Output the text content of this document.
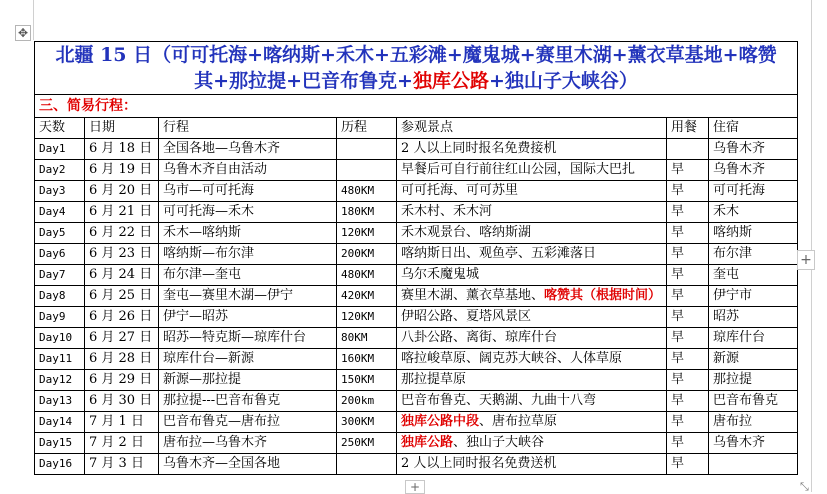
✥
北疆 15 日（可可托海+喀纳斯+禾木+五彩滩+魔鬼城+赛里木湖+薰衣草基地+喀赞
其+那拉提+巴音布鲁克+独库公路+独山子大峡谷）						

三、简易行程：						
天数	日期	行程	历程	参观景点	用餐	住宿
Day1	6 月 18 日	全国各地—乌鲁木齐		2 人以上同时报名免费接机		乌鲁木齐
Day2	6 月 19 日	乌鲁木齐自由活动		早餐后可自行前往红山公园，国际大巴扎	早	乌鲁木齐
Day3	6 月 20 日	乌市—可可托海	480KM	可可托海、可可苏里	早	可可托海
Day4	6 月 21 日	可可托海—禾木	180KM	禾木村、禾木河	早	禾木
Day5	6 月 22 日	禾木—喀纳斯	120KM	禾木观景台、喀纳斯湖	早	喀纳斯
Day6	6 月 23 日	喀纳斯—布尔津	200KM	喀纳斯日出、观鱼亭、五彩滩落日	早	布尔津
Day7	6 月 24 日	布尔津—奎屯	480KM	乌尔禾魔鬼城	早	奎屯
Day8	6 月 25 日	奎屯—赛里木湖—伊宁	420KM	赛里木湖、薰衣草基地、喀赞其（根据时间）	早	伊宁市
Day9	6 月 26 日	伊宁—昭苏	120KM	伊昭公路、夏塔风景区	早	昭苏
Day10	6 月 27 日	昭苏—特克斯—琼库什台	80KM	八卦公路、离街、琼库什台	早	琼库什台
Day11	6 月 28 日	琼库什台—新源	160KM	喀拉峻草原、阔克苏大峡谷、人体草原	早	新源
Day12	6 月 29 日	新源—那拉提	150KM	那拉提草原	早	那拉提
Day13	6 月 30 日	那拉提---巴音布鲁克	200km	巴音布鲁克、天鹅湖、九曲十八弯	早	巴音布鲁克
Day14	7 月 1 日	巴音布鲁克—唐布拉	300KM	独库公路中段、唐布拉草原	早	唐布拉
Day15	7 月 2 日	唐布拉—乌鲁木齐	250KM	独库公路、独山子大峡谷	早	乌鲁木齐
Day16	7 月 3 日	乌鲁木齐—全国各地		2 人以上同时报名免费送机	早	
+
+	⤡
